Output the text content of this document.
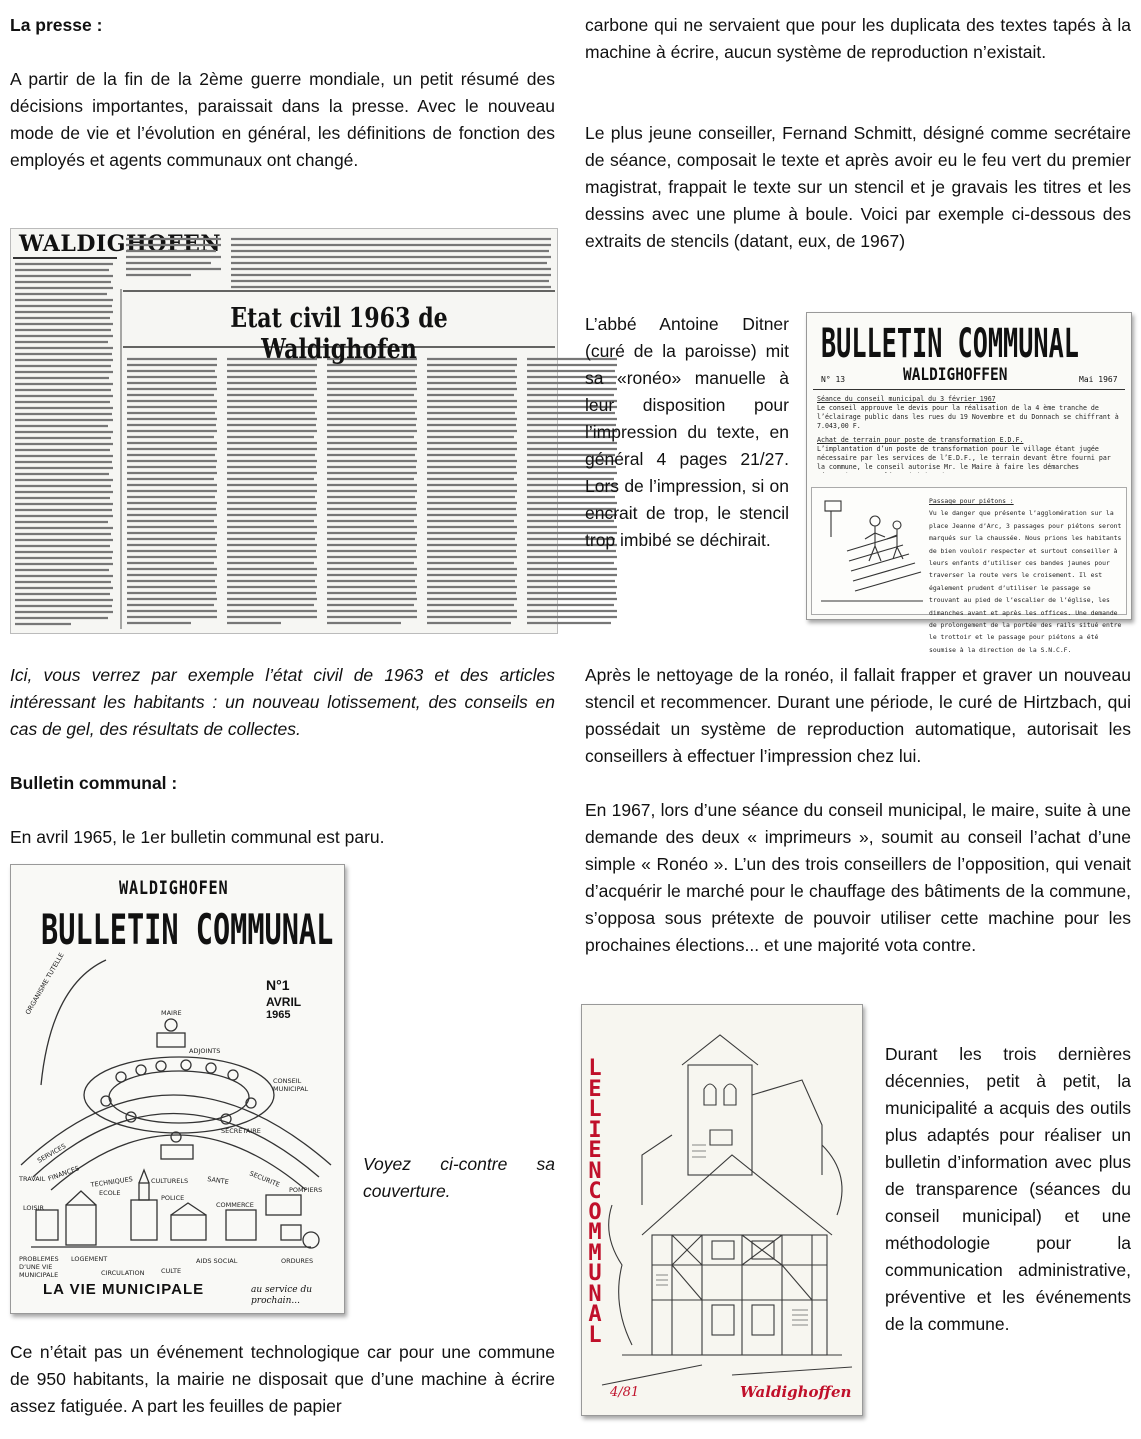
La presse :

A partir de la fin de la 2ème guerre mondiale, un petit résumé des décisions importantes, paraissait dans la presse. Avec le nouveau mode de vie et l’évolution en général, les définitions de fonction des employés et agents communaux ont changé.

WALDIGHOFEN
Etat civil 1963 de Waldighofen

Ici, vous verrez par exemple l’état civil de 1963 et des articles intéressant les habitants : un nouveau lotissement, des conseils en cas de gel, des résultats de collectes.

Bulletin communal :

En avril 1965, le 1er bulletin communal est paru.

WALDIGHOFEN
BULLETIN COMMUNAL
N°1
AVRIL
1965
ORGANISME TUTELLE	MAIRE
ADJOINTS
CONSEIL
MUNICIPAL
SECRETAIRE
SERVICES
TRAVAIL FINANCES TECHNIQUES	CULTURELS	SANTE	SECURITE
LOISIR
POMPIERS
POLICE
COMMERCE
ECOLE
LOGEMENT
PROBLEMES
D’UNE VIE
MUNICIPALE	CIRCULATION	CULTE
AIDS SOCIAL	ORDURES
LA VIE MUNICIPALE	au service du prochain...

Voyez ci-contre sa couverture.

Ce n’était pas un événement technologique car pour une commune de 950 habitants, la mairie ne disposait que d’une machine à écrire assez fatiguée. A part les feuilles de papier

carbone qui ne servaient que pour les duplicata des textes tapés à la machine à écrire, aucun système de reproduction n’existait.

Le plus jeune conseiller, Fernand Schmitt, désigné comme secrétaire de séance, composait le texte et après avoir eu le feu vert du premier magistrat, frappait le texte sur un stencil et je gravais les titres et les dessins avec une plume à boule. Voici par exemple ci-dessous des extraits de stencils (datant, eux, de 1967)

L’abbé Antoine Ditner (curé de la paroisse) mit sa «ronéo» manuelle à leur disposition pour l’impression du texte, en général 4 pages 21/27. Lors de l’impression, si on encrait de trop, le stencil trop imbibé se déchirait.

BULLETIN COMMUNAL
WALDIGHOFFEN
N° 13	Mai 1967
Séance du conseil municipal du 3 février 1967
Le conseil approuve le devis pour la réalisation de la 4 ème tranche de l’éclairage public dans les rues du 19 Novembre et du Donnach se chiffrant à 7.043,00 F.
Achat de terrain pour poste de transformation E.D.F.
L’implantation d’un poste de transformation pour le village étant jugée nécessaire par les services de l’E.D.F., le terrain devant être fourni par la commune, le conseil autorise Mr. le Maire à faire les démarches
Passage pour piétons :
Vu le danger que présente l’agglomération sur la place Jeanne d’Arc, 3 passages pour piétons seront marqués sur la chaussée. Nous prions les habitants de bien vouloir respecter et surtout conseiller à leurs enfants d’utiliser ces bandes jaunes pour traverser la route vers le croisement. Il est également prudent d’utiliser le passage se trouvant au pied de l’escalier de l’église, les dimanches avant et après les offices. Une demande de prolongement de la portée des rails situé entre le trottoir et le passage pour piétons a été soumise à la direction de la S.N.C.F.

Après le nettoyage de la ronéo, il fallait frapper et graver un nouveau stencil et recommencer. Durant une période, le curé de Hirtzbach, qui possédait un système de reproduction automatique, autorisait les conseillers à effectuer l’impression chez lui.

En 1967, lors d’une séance du conseil municipal, le maire, suite à une demande des deux « imprimeurs », soumit au conseil l’achat d’une simple « Ronéo ». L’un des trois conseillers de l’opposition, qui venait d’acquérir le marché pour le chauffage des bâtiments de la commune, s’opposa sous prétexte de pouvoir utiliser cette machine pour les prochaines élections... et une majorité vota contre.

LE LIEN COMMUNAL
4/81	Waldighoffen

Durant les trois dernières décennies, petit à petit, la municipalité a acquis des outils plus adaptés pour réaliser un bulletin d’information avec plus de transparence (séances du conseil municipal) et une méthodologie pour la communication administrative, préventive et les événements de la commune.
